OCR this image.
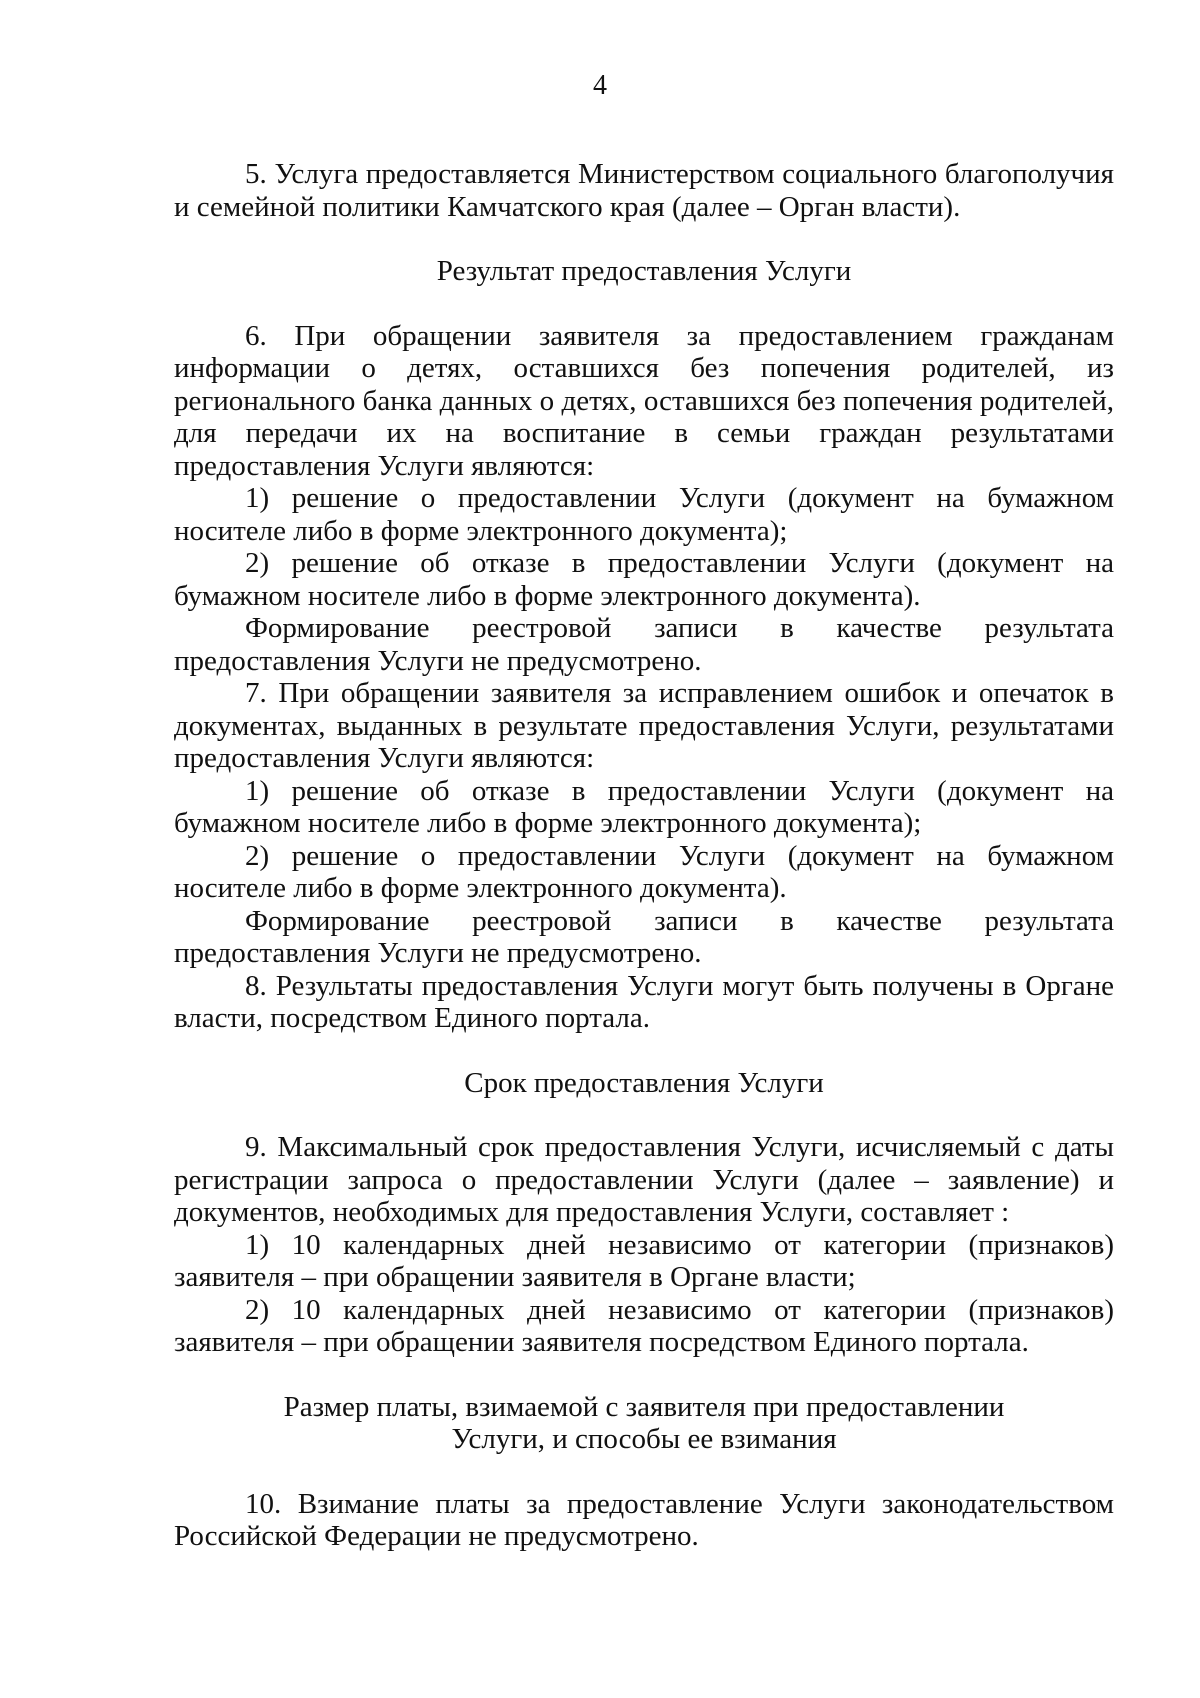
4

5. Услуга предоставляется Министерством социального благополучия и семейной политики Камчатского края (далее – Орган власти).

Результат предоставления Услуги

6. При обращении заявителя за предоставлением гражданам информации о детях, оставшихся без попечения родителей, из регионального банка данных о детях, оставшихся без попечения родителей, для передачи их на воспитание в семьи граждан результатами предоставления Услуги являются:

1) решение о предоставлении Услуги (документ на бумажном носителе либо в форме электронного документа);

2) решение об отказе в предоставлении Услуги (документ на бумажном носителе либо в форме электронного документа).

Формирование реестровой записи в качестве результата предоставления Услуги не предусмотрено.

7. При обращении заявителя за исправлением ошибок и опечаток в документах, выданных в результате предоставления Услуги, результатами предоставления Услуги являются:

1) решение об отказе в предоставлении Услуги (документ на бумажном носителе либо в форме электронного документа);

2) решение о предоставлении Услуги (документ на бумажном носителе либо в форме электронного документа).

Формирование реестровой записи в качестве результата предоставления Услуги не предусмотрено.

8. Результаты предоставления Услуги могут быть получены в Органе власти, посредством Единого портала.

Срок предоставления Услуги

9. Максимальный срок предоставления Услуги, исчисляемый с даты регистрации запроса о предоставлении Услуги (далее – заявление) и документов, необходимых для предоставления Услуги, составляет :

1) 10 календарных дней независимо от категории (признаков) заявителя – при обращении заявителя в Органе власти;

2) 10 календарных дней независимо от категории (признаков) заявителя – при обращении заявителя посредством Единого портала.

Размер платы, взимаемой с заявителя при предоставлении Услуги, и способы ее взимания

10. Взимание платы за предоставление Услуги законодательством Российской Федерации не предусмотрено.
